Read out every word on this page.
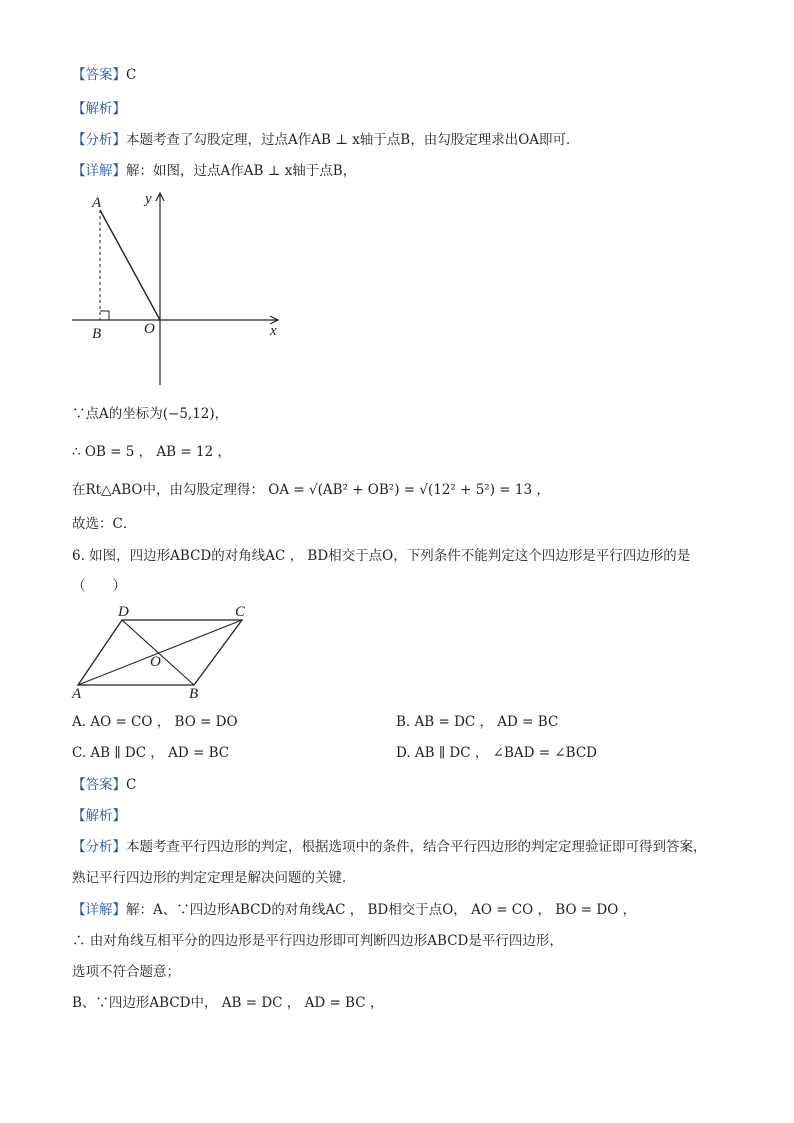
【答案】C
【解析】
【分析】本题考查了勾股定理，过点A作AB ⊥ x轴于点B，由勾股定理求出OA即可．
【详解】解：如图，过点A作AB ⊥ x轴于点B，
A
B	O	x
y
∵点A的坐标为(−5,12)，
∴ OB = 5 ， AB = 12 ，
在Rt△ABO中，由勾股定理得： OA = √(AB² + OB²) = √(12² + 5²) = 13 ，
故选：C．
6. 如图，四边形ABCD的对角线AC ， BD相交于点O，下列条件不能判定这个四边形是平行四边形的是
（　　）
A	B
C
D
O
A. AO = CO ， BO = DO	B. AB = DC ， AD = BC
C. AB ∥ DC ， AD = BC	D. AB ∥ DC ， ∠BAD = ∠BCD
【答案】C
【解析】
【分析】本题考查平行四边形的判定，根据选项中的条件，结合平行四边形的判定定理验证即可得到答案，
熟记平行四边形的判定定理是解决问题的关键．
【详解】解：A、∵四边形ABCD的对角线AC ， BD相交于点O， AO = CO ， BO = DO ，
∴ 由对角线互相平分的四边形是平行四边形即可判断四边形ABCD是平行四边形，
选项不符合题意；
B、∵四边形ABCD中， AB = DC ， AD = BC ，
